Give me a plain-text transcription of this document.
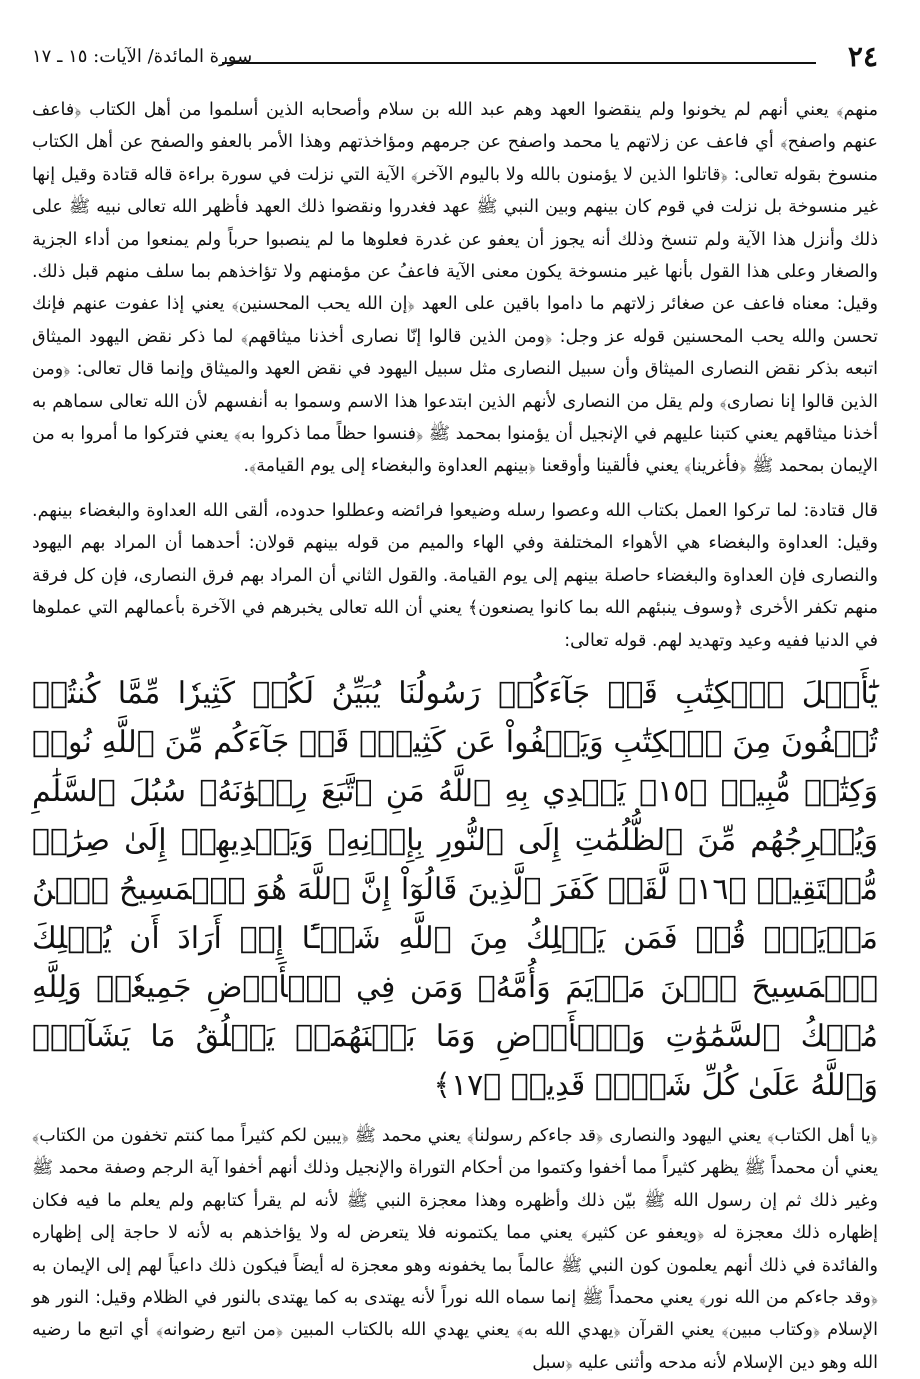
٢٤
سورة المائدة/ الآيات: ١٥ ـ ١٧

منهم﴾ يعني أنهم لم يخونوا ولم ينقضوا العهد وهم عبد الله بن سلام وأصحابه الذين أسلموا من أهل الكتاب ﴿فاعف عنهم واصفح﴾ أي فاعف عن زلاتهم يا محمد واصفح عن جرمهم ومؤاخذتهم وهذا الأمر بالعفو والصفح عن أهل الكتاب منسوخ بقوله تعالى: ﴿قاتلوا الذين لا يؤمنون بالله ولا باليوم الآخر﴾ الآية التي نزلت في سورة براءة قاله قتادة وقيل إنها غير منسوخة بل نزلت في قوم كان بينهم وبين النبي ﷺ عهد فغدروا ونقضوا ذلك العهد فأظهر الله تعالى نبيه ﷺ على ذلك وأنزل هذا الآية ولم تنسخ وذلك أنه يجوز أن يعفو عن غدرة فعلوها ما لم ينصبوا حرباً ولم يمنعوا من أداء الجزية والصغار وعلى هذا القول بأنها غير منسوخة يكون معنى الآية فاعفُ عن مؤمنهم ولا تؤاخذهم بما سلف منهم قبل ذلك. وقيل: معناه فاعف عن صغائر زلاتهم ما داموا باقين على العهد ﴿إن الله يحب المحسنين﴾ يعني إذا عفوت عنهم فإنك تحسن والله يحب المحسنين قوله عز وجل: ﴿ومن الذين قالوا إنّا نصارى أخذنا ميثاقهم﴾ لما ذكر نقض اليهود الميثاق اتبعه بذكر نقض النصارى الميثاق وأن سبيل النصارى مثل سبيل اليهود في نقض العهد والميثاق وإنما قال تعالى: ﴿ومن الذين قالوا إنا نصارى﴾ ولم يقل من النصارى لأنهم الذين ابتدعوا هذا الاسم وسموا به أنفسهم لأن الله تعالى سماهم به أخذنا ميثاقهم يعني كتبنا عليهم في الإنجيل أن يؤمنوا بمحمد ﷺ ﴿فنسوا حظاً مما ذكروا به﴾ يعني فتركوا ما أمروا به من الإيمان بمحمد ﷺ ﴿فأغرينا﴾ يعني فألقينا وأوقعنا ﴿بينهم العداوة والبغضاء إلى يوم القيامة﴾.

قال قتادة: لما تركوا العمل بكتاب الله وعصوا رسله وضيعوا فرائضه وعطلوا حدوده، ألقى الله العداوة والبغضاء بينهم. وقيل: العداوة والبغضاء هي الأهواء المختلفة وفي الهاء والميم من قوله بينهم قولان: أحدهما أن المراد بهم اليهود والنصارى فإن العداوة والبغضاء حاصلة بينهم إلى يوم القيامة. والقول الثاني أن المراد بهم فرق النصارى، فإن كل فرقة منهم تكفر الأخرى ﴿وسوف ينبئهم الله بما كانوا يصنعون﴾ يعني أن الله تعالى يخبرهم في الآخرة بأعمالهم التي عملوها في الدنيا ففيه وعيد وتهديد لهم. قوله تعالى:

يَٰٓأَهۡلَ ٱلۡكِتَٰبِ قَدۡ جَآءَكُمۡ رَسُولُنَا يُبَيِّنُ لَكُمۡ كَثِيرٗا مِّمَّا كُنتُمۡ تُخۡفُونَ مِنَ ٱلۡكِتَٰبِ وَيَعۡفُواْ عَن كَثِيرٖۚ قَدۡ جَآءَكُم مِّنَ ٱللَّهِ نُورٞ وَكِتَٰبٞ مُّبِينٞ ﴿١٥﴾ يَهۡدِي بِهِ ٱللَّهُ مَنِ ٱتَّبَعَ رِضۡوَٰنَهُۥ سُبُلَ ٱلسَّلَٰمِ وَيُخۡرِجُهُم مِّنَ ٱلظُّلُمَٰتِ إِلَى ٱلنُّورِ بِإِذۡنِهِۦ وَيَهۡدِيهِمۡ إِلَىٰ صِرَٰطٖ مُّسۡتَقِيمٖ ﴿١٦﴾ لَّقَدۡ كَفَرَ ٱلَّذِينَ قَالُوٓاْ إِنَّ ٱللَّهَ هُوَ ٱلۡمَسِيحُ ٱبۡنُ مَرۡيَمَۚ قُلۡ فَمَن يَمۡلِكُ مِنَ ٱللَّهِ شَيۡـًٔا إِنۡ أَرَادَ أَن يُهۡلِكَ ٱلۡمَسِيحَ ٱبۡنَ مَرۡيَمَ وَأُمَّهُۥ وَمَن فِي ٱلۡأَرۡضِ جَمِيعٗاۗ وَلِلَّهِ مُلۡكُ ٱلسَّمَٰوَٰتِ وَٱلۡأَرۡضِ وَمَا بَيۡنَهُمَاۚ يَخۡلُقُ مَا يَشَآءُۚ وَٱللَّهُ عَلَىٰ كُلِّ شَيۡءٖ قَدِيرٞ ﴿١٧﴾

﴿يا أهل الكتاب﴾ يعني اليهود والنصارى ﴿قد جاءكم رسولنا﴾ يعني محمد ﷺ ﴿يبين لكم كثيراً مما كنتم تخفون من الكتاب﴾ يعني أن محمداً ﷺ يظهر كثيراً مما أخفوا وكتموا من أحكام التوراة والإنجيل وذلك أنهم أخفوا آية الرجم وصفة محمد ﷺ وغير ذلك ثم إن رسول الله ﷺ بيّن ذلك وأظهره وهذا معجزة النبي ﷺ لأنه لم يقرأ كتابهم ولم يعلم ما فيه فكان إظهاره ذلك معجزة له ﴿ويعفو عن كثير﴾ يعني مما يكتمونه فلا يتعرض له ولا يؤاخذهم به لأنه لا حاجة إلى إظهاره والفائدة في ذلك أنهم يعلمون كون النبي ﷺ عالماً بما يخفونه وهو معجزة له أيضاً فيكون ذلك داعياً لهم إلى الإيمان به ﴿وقد جاءكم من الله نور﴾ يعني محمداً ﷺ إنما سماه الله نوراً لأنه يهتدى به كما يهتدى بالنور في الظلام وقيل: النور هو الإسلام ﴿وكتاب مبين﴾ يعني القرآن ﴿يهدي الله به﴾ يعني يهدي الله بالكتاب المبين ﴿من اتبع رضوانه﴾ أي اتبع ما رضيه الله وهو دين الإسلام لأنه مدحه وأثنى عليه ﴿سبل
